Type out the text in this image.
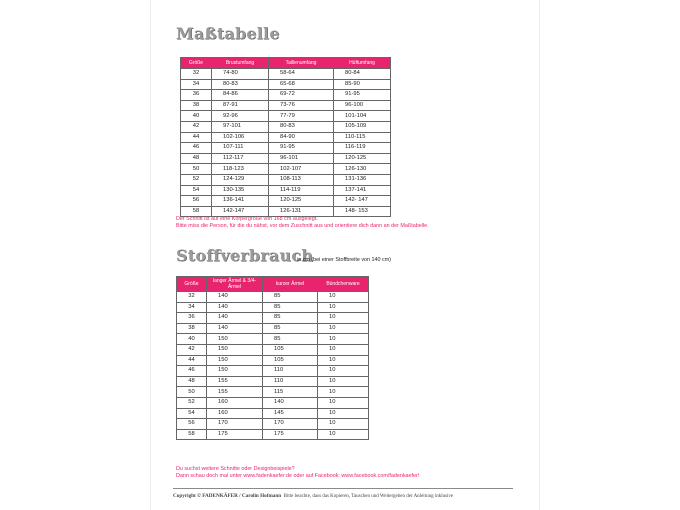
Maßtabelle
Größe	Brustumfang	Taillenumfang	Hüftumfang
32	74-80	58-64	80-84
34	80-83	65-68	85-90
36	84-86	69-72	91-95
38	87-91	73-76	96-100
40	92-96	77-79	101-104
42	97-101	80-83	105-109
44	102-106	84-90	110-115
46	107-111	91-95	116-119
48	112-117	96-101	120-125
50	118-123	102-107	126-130
52	124-129	108-113	131-136
54	130-135	114-119	137-141
56	136-141	120-125	142- 147
58	142-147	126-131	148- 153
Der Schnitt ist auf eine Körpergröße von 168 cm ausgelegt.
Bitte miss die Person, für die du nähst, vor dem Zuschnitt aus und orientiere dich dann an der Maßtabelle.
Stoffverbrauch
in cm (bei einer Stoffbreite von 140 cm)
Größe	langer Ärmel & 3/4-Ärmel	kurzer Ärmel	Bündchenware
32	140	85	10
34	140	85	10
36	140	85	10
38	140	85	10
40	150	85	10
42	150	105	10
44	150	105	10
46	150	110	10
48	155	110	10
50	155	115	10
52	160	140	10
54	160	145	10
56	170	170	10
58	175	175	10
Du suchst weitere Schnitte oder Designbeispiele?
Dann schau doch mal unter www.fadenkaefer.de oder auf Facebook: www.facebook.com/fadenkaefer!
Copyright © FADENKÄFER / Carolin Hofmann Bitte beachte, dass das Kopieren, Tauschen und Weitergeben der Anleitung inklusive
